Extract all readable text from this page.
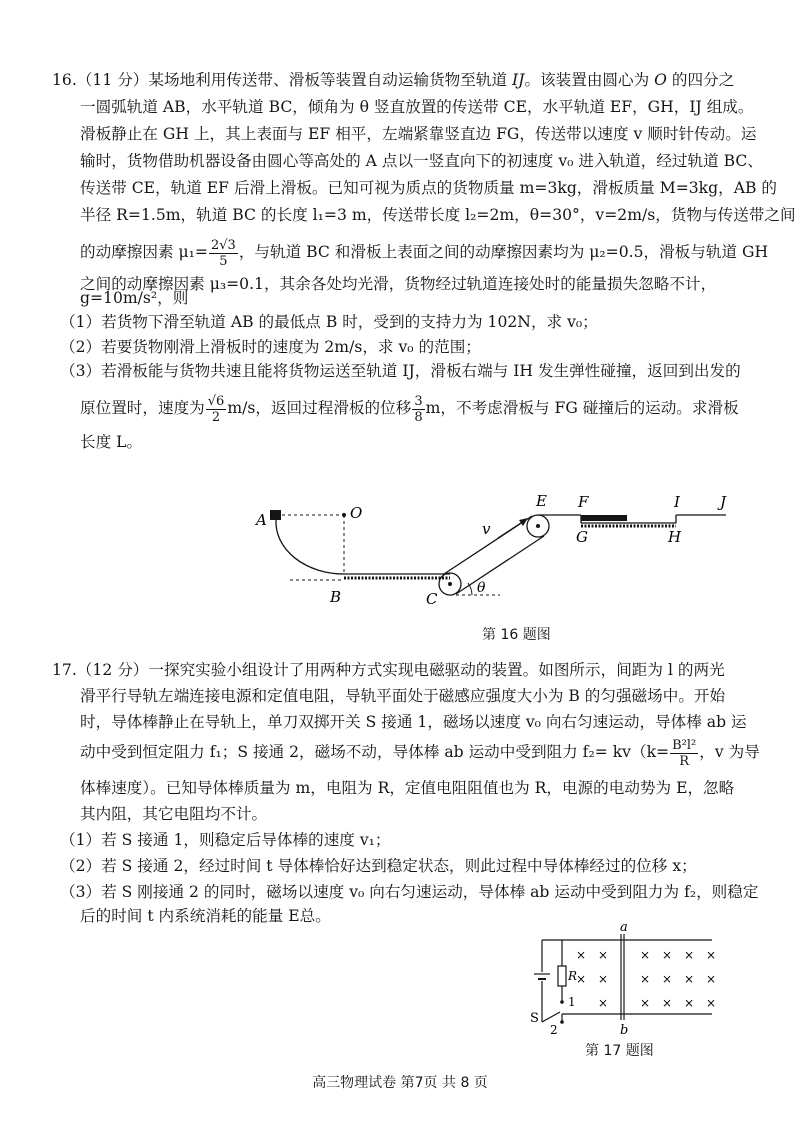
16.（11 分）某场地利用传送带、滑板等装置自动运输货物至轨道 IJ。该装置由圆心为 O 的四分之
一圆弧轨道 AB，水平轨道 BC，倾角为 θ 竖直放置的传送带 CE，水平轨道 EF，GH，IJ 组成。
滑板静止在 GH 上，其上表面与 EF 相平，左端紧靠竖直边 FG，传送带以速度 v 顺时针传动。运
输时，货物借助机器设备由圆心等高处的 A 点以一竖直向下的初速度 v₀ 进入轨道，经过轨道 BC、
传送带 CE，轨道 EF 后滑上滑板。已知可视为质点的货物质量 m=3kg，滑板质量 M=3kg，AB 的
半径 R=1.5m，轨道 BC 的长度 l₁=3 m，传送带长度 l₂=2m，θ=30°，v=2m/s，货物与传送带之间
的动摩擦因素 $\mu_1= \frac{2√3}{5}$ ，与轨道 BC 和滑板上表面之间的动摩擦因素均为 μ₂=0.5，滑板与轨道 GH
之间的动摩擦因素 μ₃=0.1，其余各处均光滑，货物经过轨道连接处时的能量损失忽略不计，
g=10m/s²，则
（1）若货物下滑至轨道 AB 的最低点 B 时，受到的支持力为 102N，求 v₀；
（2）若要货物刚滑上滑板时的速度为 2m/s，求 v₀ 的范围；
（3）若滑板能与货物共速且能将货物运送至轨道 IJ，滑板右端与 IH 发生弹性碰撞，返回到出发的
原位置时，速度为 $\frac{√6}{2} m/s$，返回过程滑板的位移 $\frac{3}{8}$ m，不考虑滑板与 FG 碰撞后的运动。求滑板
长度 L。
A	O
B	C
E F
G	H
I	J
v
θ
第 16 题图
17.（12 分）一探究实验小组设计了用两种方式实现电磁驱动的装置。如图所示，间距为 l 的两光
滑平行导轨左端连接电源和定值电阻，导轨平面处于磁感应强度大小为 B 的匀强磁场中。开始
时，导体棒静止在导轨上，单刀双掷开关 S 接通 1，磁场以速度 v₀ 向右匀速运动，导体棒 ab 运
动中受到恒定阻力 f₁；S 接通 2，磁场不动，导体棒 ab 运动中受到阻力 $f_2= kv(k= \frac{\text{B²l²}}{R}$ ，v 为导
体棒速度）。已知导体棒质量为 m，电阻为 R，定值电阻阻值也为 R，电源的电动势为 E，忽略
其内阻，其它电阻均不计。
（1）若 S 接通 1，则稳定后导体棒的速度 v₁；
（2）若 S 接通 2，经过时间 t 导体棒恰好达到稳定状态，则此过程中导体棒经过的位移 x；
（3）若 S 刚接通 2 的同时，磁场以速度 v₀ 向右匀速运动，导体棒 ab 运动中受到阻力为 f₂，则稳定
后的时间 t 内系统消耗的能量 E总。
× ×	× × × ×
× ×	× × × ×
×	× × × ×
a
b
R
S
1
2
第 17 题图
高三物理试卷 第7页 共 8 页
